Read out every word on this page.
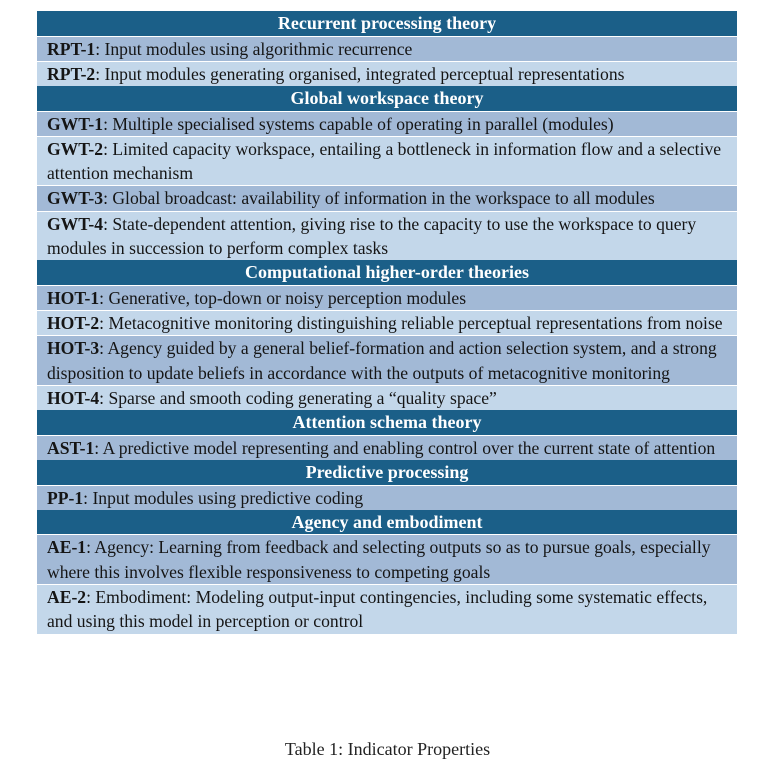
Recurrent processing theory
RPT-1: Input modules using algorithmic recurrence
RPT-2: Input modules generating organised, integrated perceptual representations
Global workspace theory
GWT-1: Multiple specialised systems capable of operating in parallel (modules)
GWT-2: Limited capacity workspace, entailing a bottleneck in information flow and a selective attention mechanism
GWT-3: Global broadcast: availability of information in the workspace to all modules
GWT-4: State-dependent attention, giving rise to the capacity to use the workspace to query modules in succession to perform complex tasks
Computational higher-order theories
HOT-1: Generative, top-down or noisy perception modules
HOT-2: Metacognitive monitoring distinguishing reliable perceptual representations from noise
HOT-3: Agency guided by a general belief-formation and action selection system, and a strong disposition to update beliefs in accordance with the outputs of metacognitive monitoring
HOT-4: Sparse and smooth coding generating a “quality space”
Attention schema theory
AST-1: A predictive model representing and enabling control over the current state of attention
Predictive processing
PP-1: Input modules using predictive coding
Agency and embodiment
AE-1: Agency: Learning from feedback and selecting outputs so as to pursue goals, especially where this involves flexible responsiveness to competing goals
AE-2: Embodiment: Modeling output-input contingencies, including some systematic effects, and using this model in perception or control
Table 1: Indicator Properties
